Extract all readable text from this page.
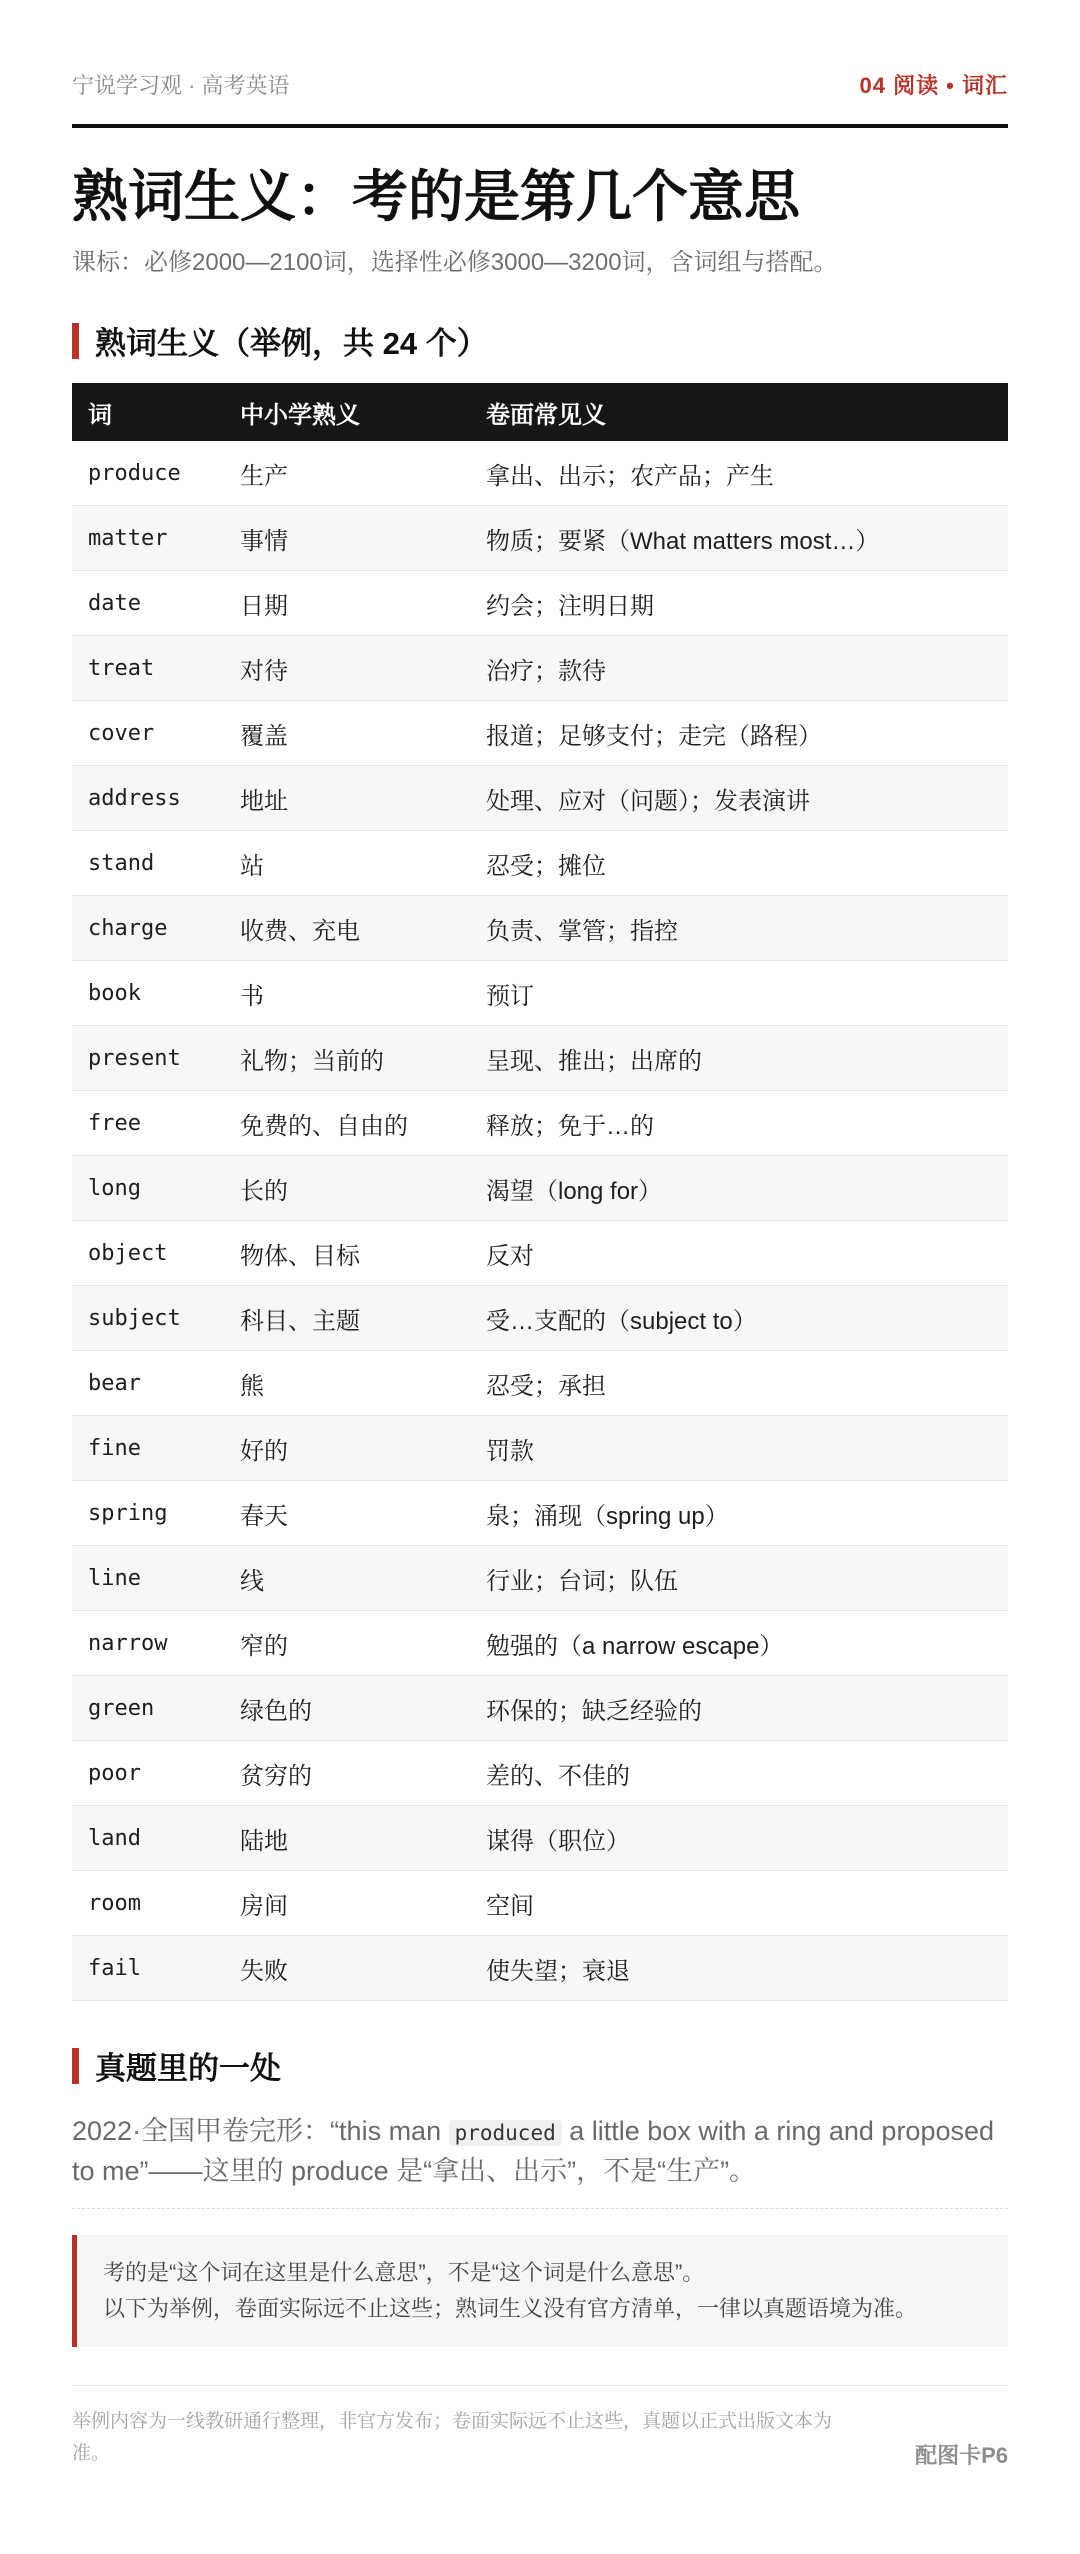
宁说学习观 · 高考英语	04 阅读 • 词汇
熟词生义：考的是第几个意思
课标：必修2000—2100词，选择性必修3000—3200词，含词组与搭配。
熟词生义（举例，共 24 个）
词	中小学熟义	卷面常见义
produce	生产	拿出、出示；农产品；产生
matter	事情	物质；要紧（What matters most…）
date	日期	约会；注明日期
treat	对待	治疗；款待
cover	覆盖	报道；足够支付；走完（路程）
address	地址	处理、应对（问题）；发表演讲
stand	站	忍受；摊位
charge	收费、充电	负责、掌管；指控
book	书	预订
present	礼物；当前的	呈现、推出；出席的
free	免费的、自由的	释放；免于…的
long	长的	渴望（long for）
object	物体、目标	反对
subject	科目、主题	受…支配的（subject to）
bear	熊	忍受；承担
fine	好的	罚款
spring	春天	泉；涌现（spring up）
line	线	行业；台词；队伍
narrow	窄的	勉强的（a narrow escape）
green	绿色的	环保的；缺乏经验的
poor	贫穷的	差的、不佳的
land	陆地	谋得（职位）
room	房间	空间
fail	失败	使失望；衰退
真题里的一处
2022·全国甲卷完形：“this man produced a little box with a ring and proposed to me”——这里的 produce 是“拿出、出示”，不是“生产”。
考的是“这个词在这里是什么意思”，不是“这个词是什么意思”。
以下为举例，卷面实际远不止这些；熟词生义没有官方清单，一律以真题语境为准。
举例内容为一线教研通行整理，非官方发布；卷面实际远不止这些，真题以正式出版文本为准。	配图卡P6
